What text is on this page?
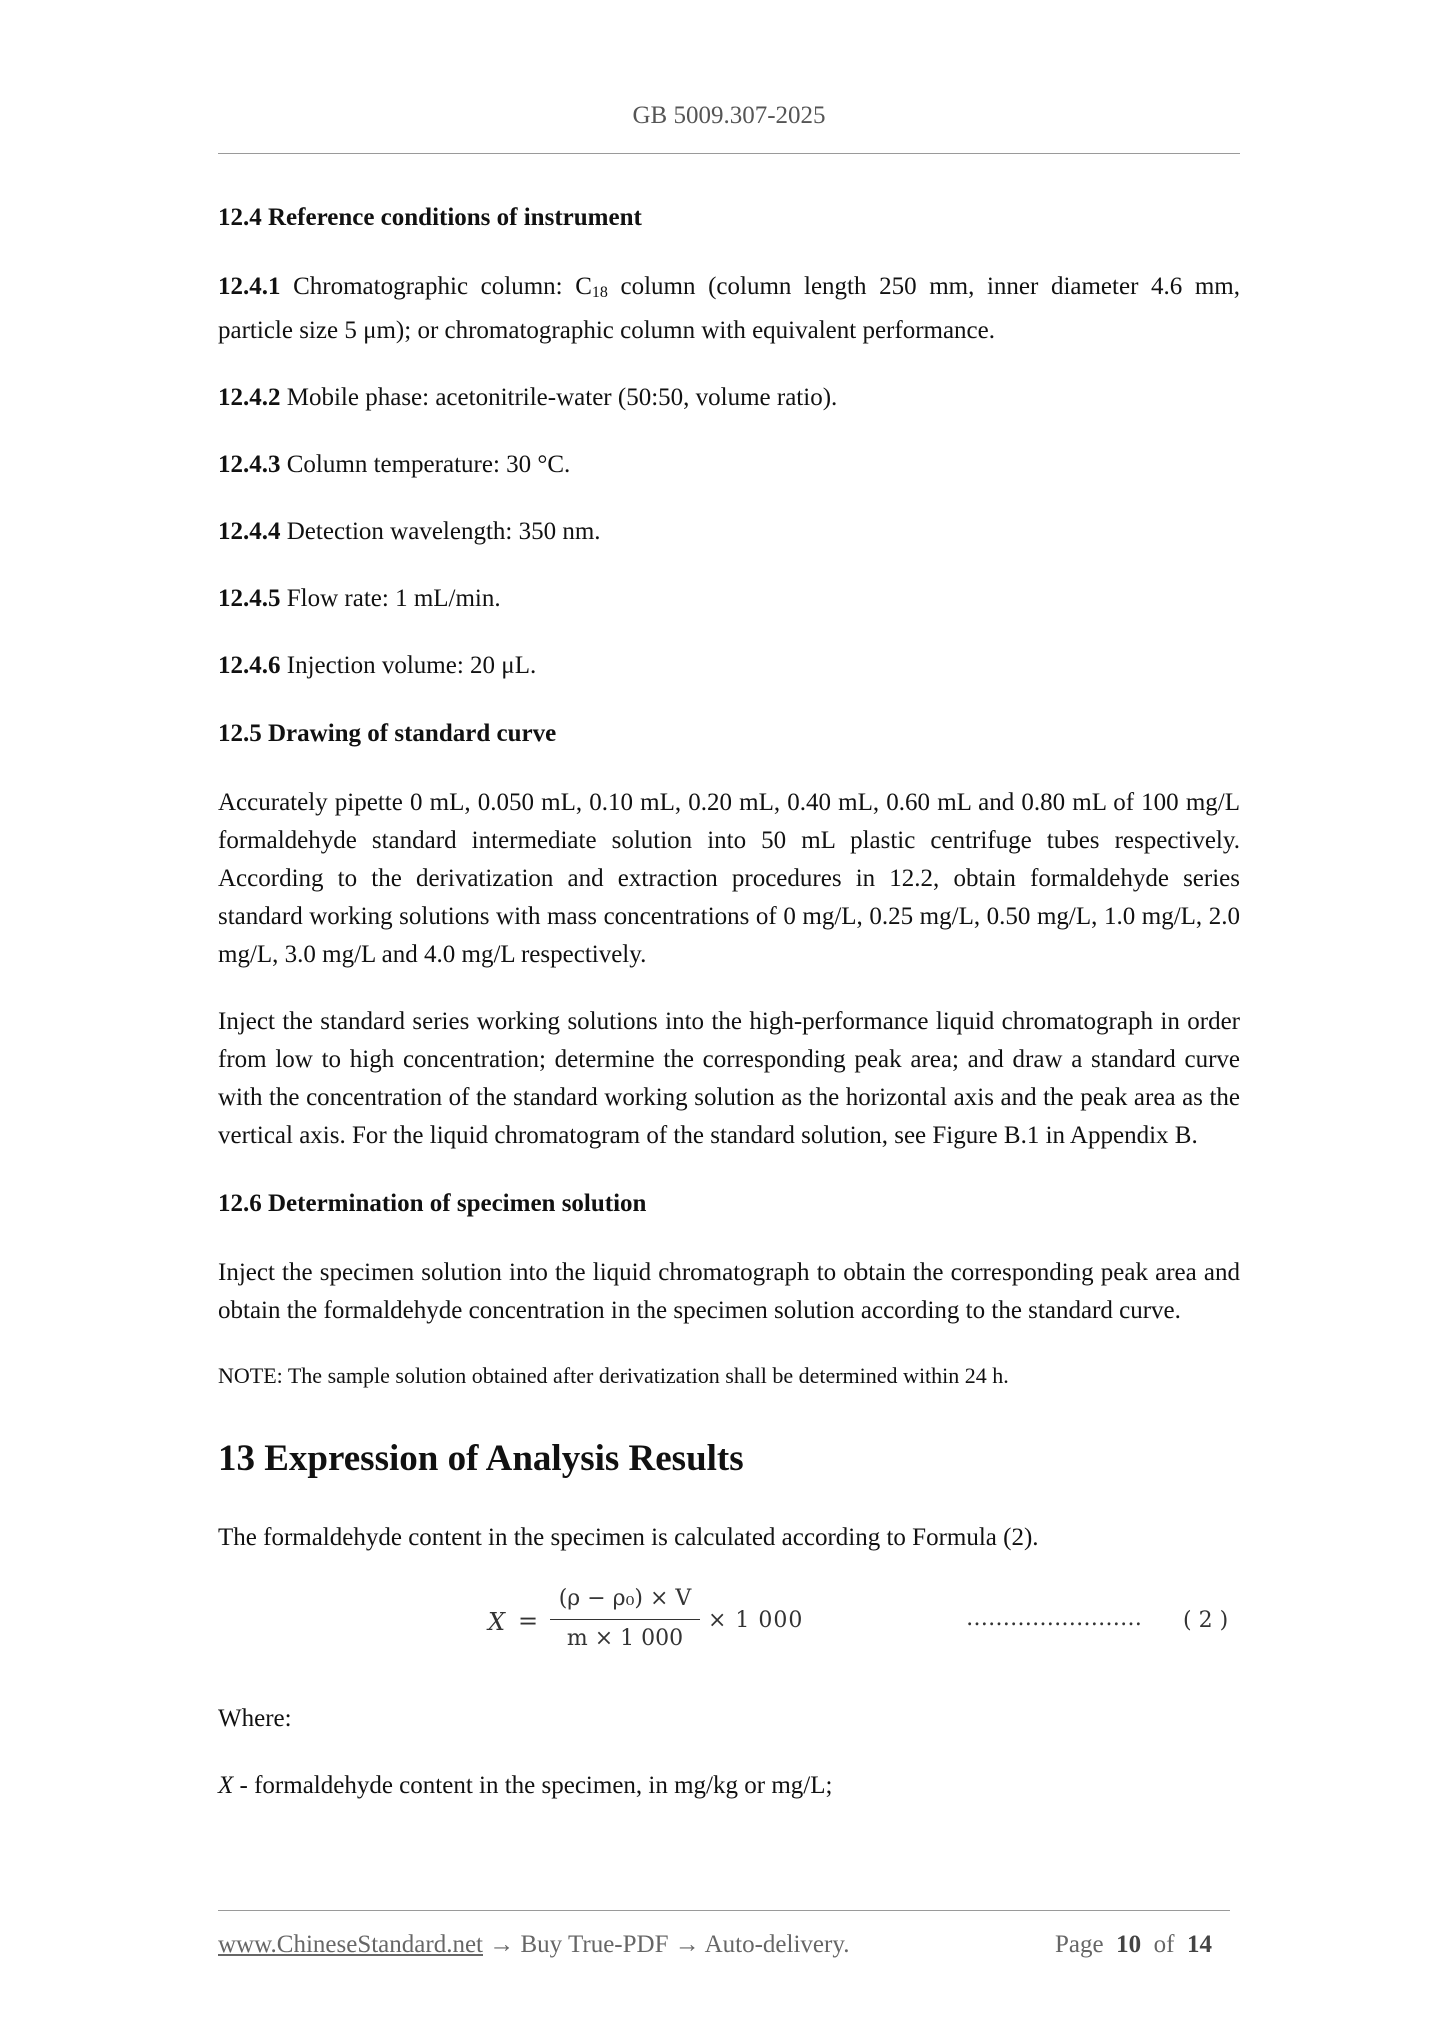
GB 5009.307-2025
12.4 Reference conditions of instrument
12.4.1 Chromatographic column: $C_{18}$ column (column length 250 mm, inner diameter 4.6 mm, particle size 5 μm); or chromatographic column with equivalent performance.
12.4.2 Mobile phase: acetonitrile-water (50:50, volume ratio).
12.4.3 Column temperature: 30 °C.
12.4.4 Detection wavelength: 350 nm.
12.4.5 Flow rate: 1 mL/min.
12.4.6 Injection volume: 20 μL.
12.5 Drawing of standard curve
Accurately pipette 0 mL, 0.050 mL, 0.10 mL, 0.20 mL, 0.40 mL, 0.60 mL and 0.80 mL of 100 mg/L formaldehyde standard intermediate solution into 50 mL plastic centrifuge tubes respectively. According to the derivatization and extraction procedures in 12.2, obtain formaldehyde series standard working solutions with mass concentrations of 0 mg/L, 0.25 mg/L, 0.50 mg/L, 1.0 mg/L, 2.0 mg/L, 3.0 mg/L and 4.0 mg/L respectively.
Inject the standard series working solutions into the high-performance liquid chromatograph in order from low to high concentration; determine the corresponding peak area; and draw a standard curve with the concentration of the standard working solution as the horizontal axis and the peak area as the vertical axis. For the liquid chromatogram of the standard solution, see Figure B.1 in Appendix B.
12.6 Determination of specimen solution
Inject the specimen solution into the liquid chromatograph to obtain the corresponding peak area and obtain the formaldehyde concentration in the specimen solution according to the standard curve.
NOTE: The sample solution obtained after derivatization shall be determined within 24 h.
13 Expression of Analysis Results
The formaldehyde content in the specimen is calculated according to Formula (2).
X =
(ρ − ρ₀) × V
m × 1 000
× 1 000	…………………… ( 2 )
Where:
X - formaldehyde content in the specimen, in mg/kg or mg/L;
www.ChineseStandard.net → Buy True-PDF → Auto-delivery.	Page 10 of 14
